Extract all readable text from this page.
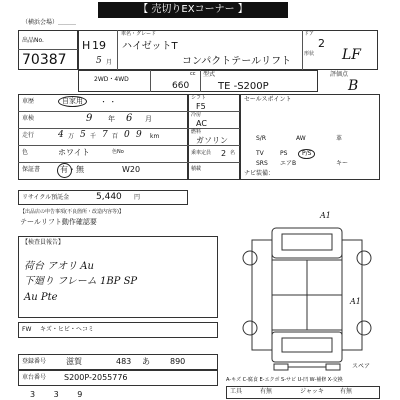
【 売切りEXコーナー 】
（横浜会場）＿＿＿
出品No.
70387
H 19
5 月
車名・グレード
ハイゼットT
コンパクトテールリフト
ドア
2
形状 LF
2WD・4WD
660
cc 型式
TE -S200P
評価点
B
車歴	自家用	・ ・
車検	9 年 6 月
走行	4 万 5 千 7 百 0 9 km
色	ホワイト	色No
保証書 有・無	W20
リサイクル預託金	5,440 円
シフト
F5
冷房
AC
燃料
ガソリン
乗車定員 2 名
積載
セールスポイント
S/R	AW	革
TV	PS	P/S
SRS エアB	キー
ナビ装備：
【出品店の申告事項(不良箇所・改造内容等)】
テールリフト動作確認要
【検査員報告】
荷台 アオリ Au
下廻り フレーム 1BP SP
Au Pte
A1
A1
FW キズ・ヒビ・ヘコミ
登録番号 滋賀	483 あ	890
車台番号 S200P-2055776
3 3 9
スペア
A-キズ C-腐食 E-エクボ S-サビ U-凹 W-補修 X-交換
工具	有無	ジャッキ	有無
